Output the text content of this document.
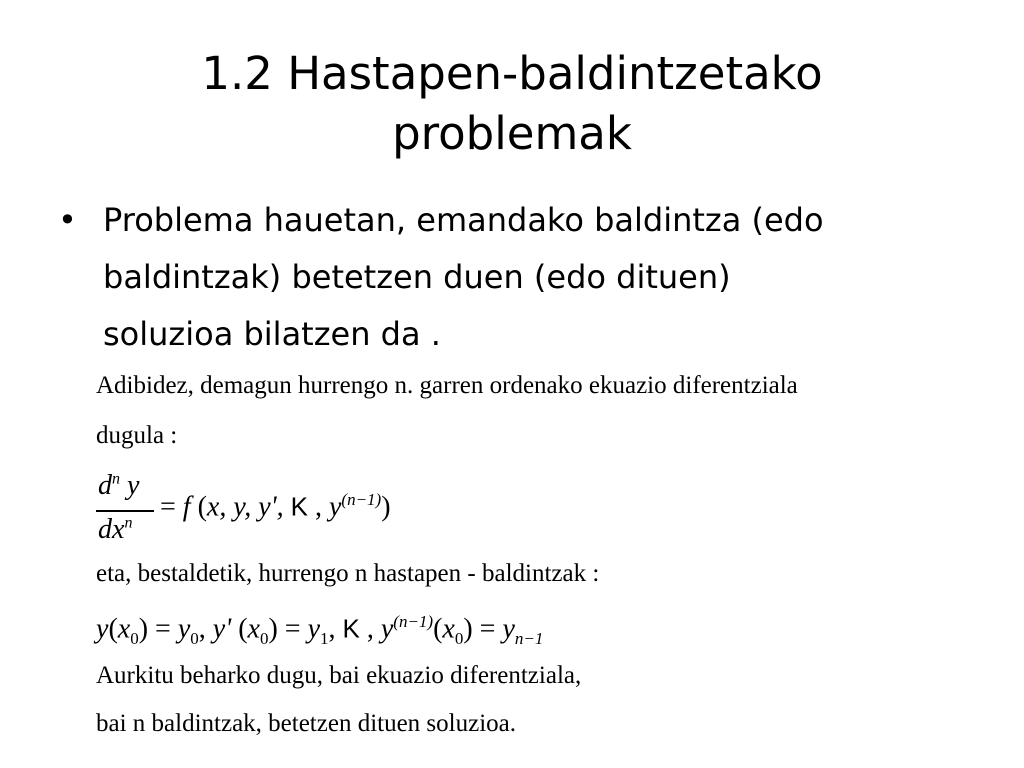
1.2 Hastapen-baldintzetako
problemak
• Problema hauetan, emandako baldintza (edo
baldintzak) betetzen duen (edo dituen)
soluzioa bilatzen da .
Adibidez, demagun hurrengo n. garren ordenako ekuazio diferentziala
dugula :
$d^n$ y
$dx^n$
= f (x, y, y', K , $y^{(n-1)}$)
eta, bestaldetik, hurrengo n hastapen - baldintzak :
$y(x_0) = y_0$, y' $(x_0) = y_1$, K , $y^{(n-1)}(x_0) = y_{n-1}$
Aurkitu beharko dugu, bai ekuazio diferentziala,
bai n baldintzak, betetzen dituen soluzioa.
